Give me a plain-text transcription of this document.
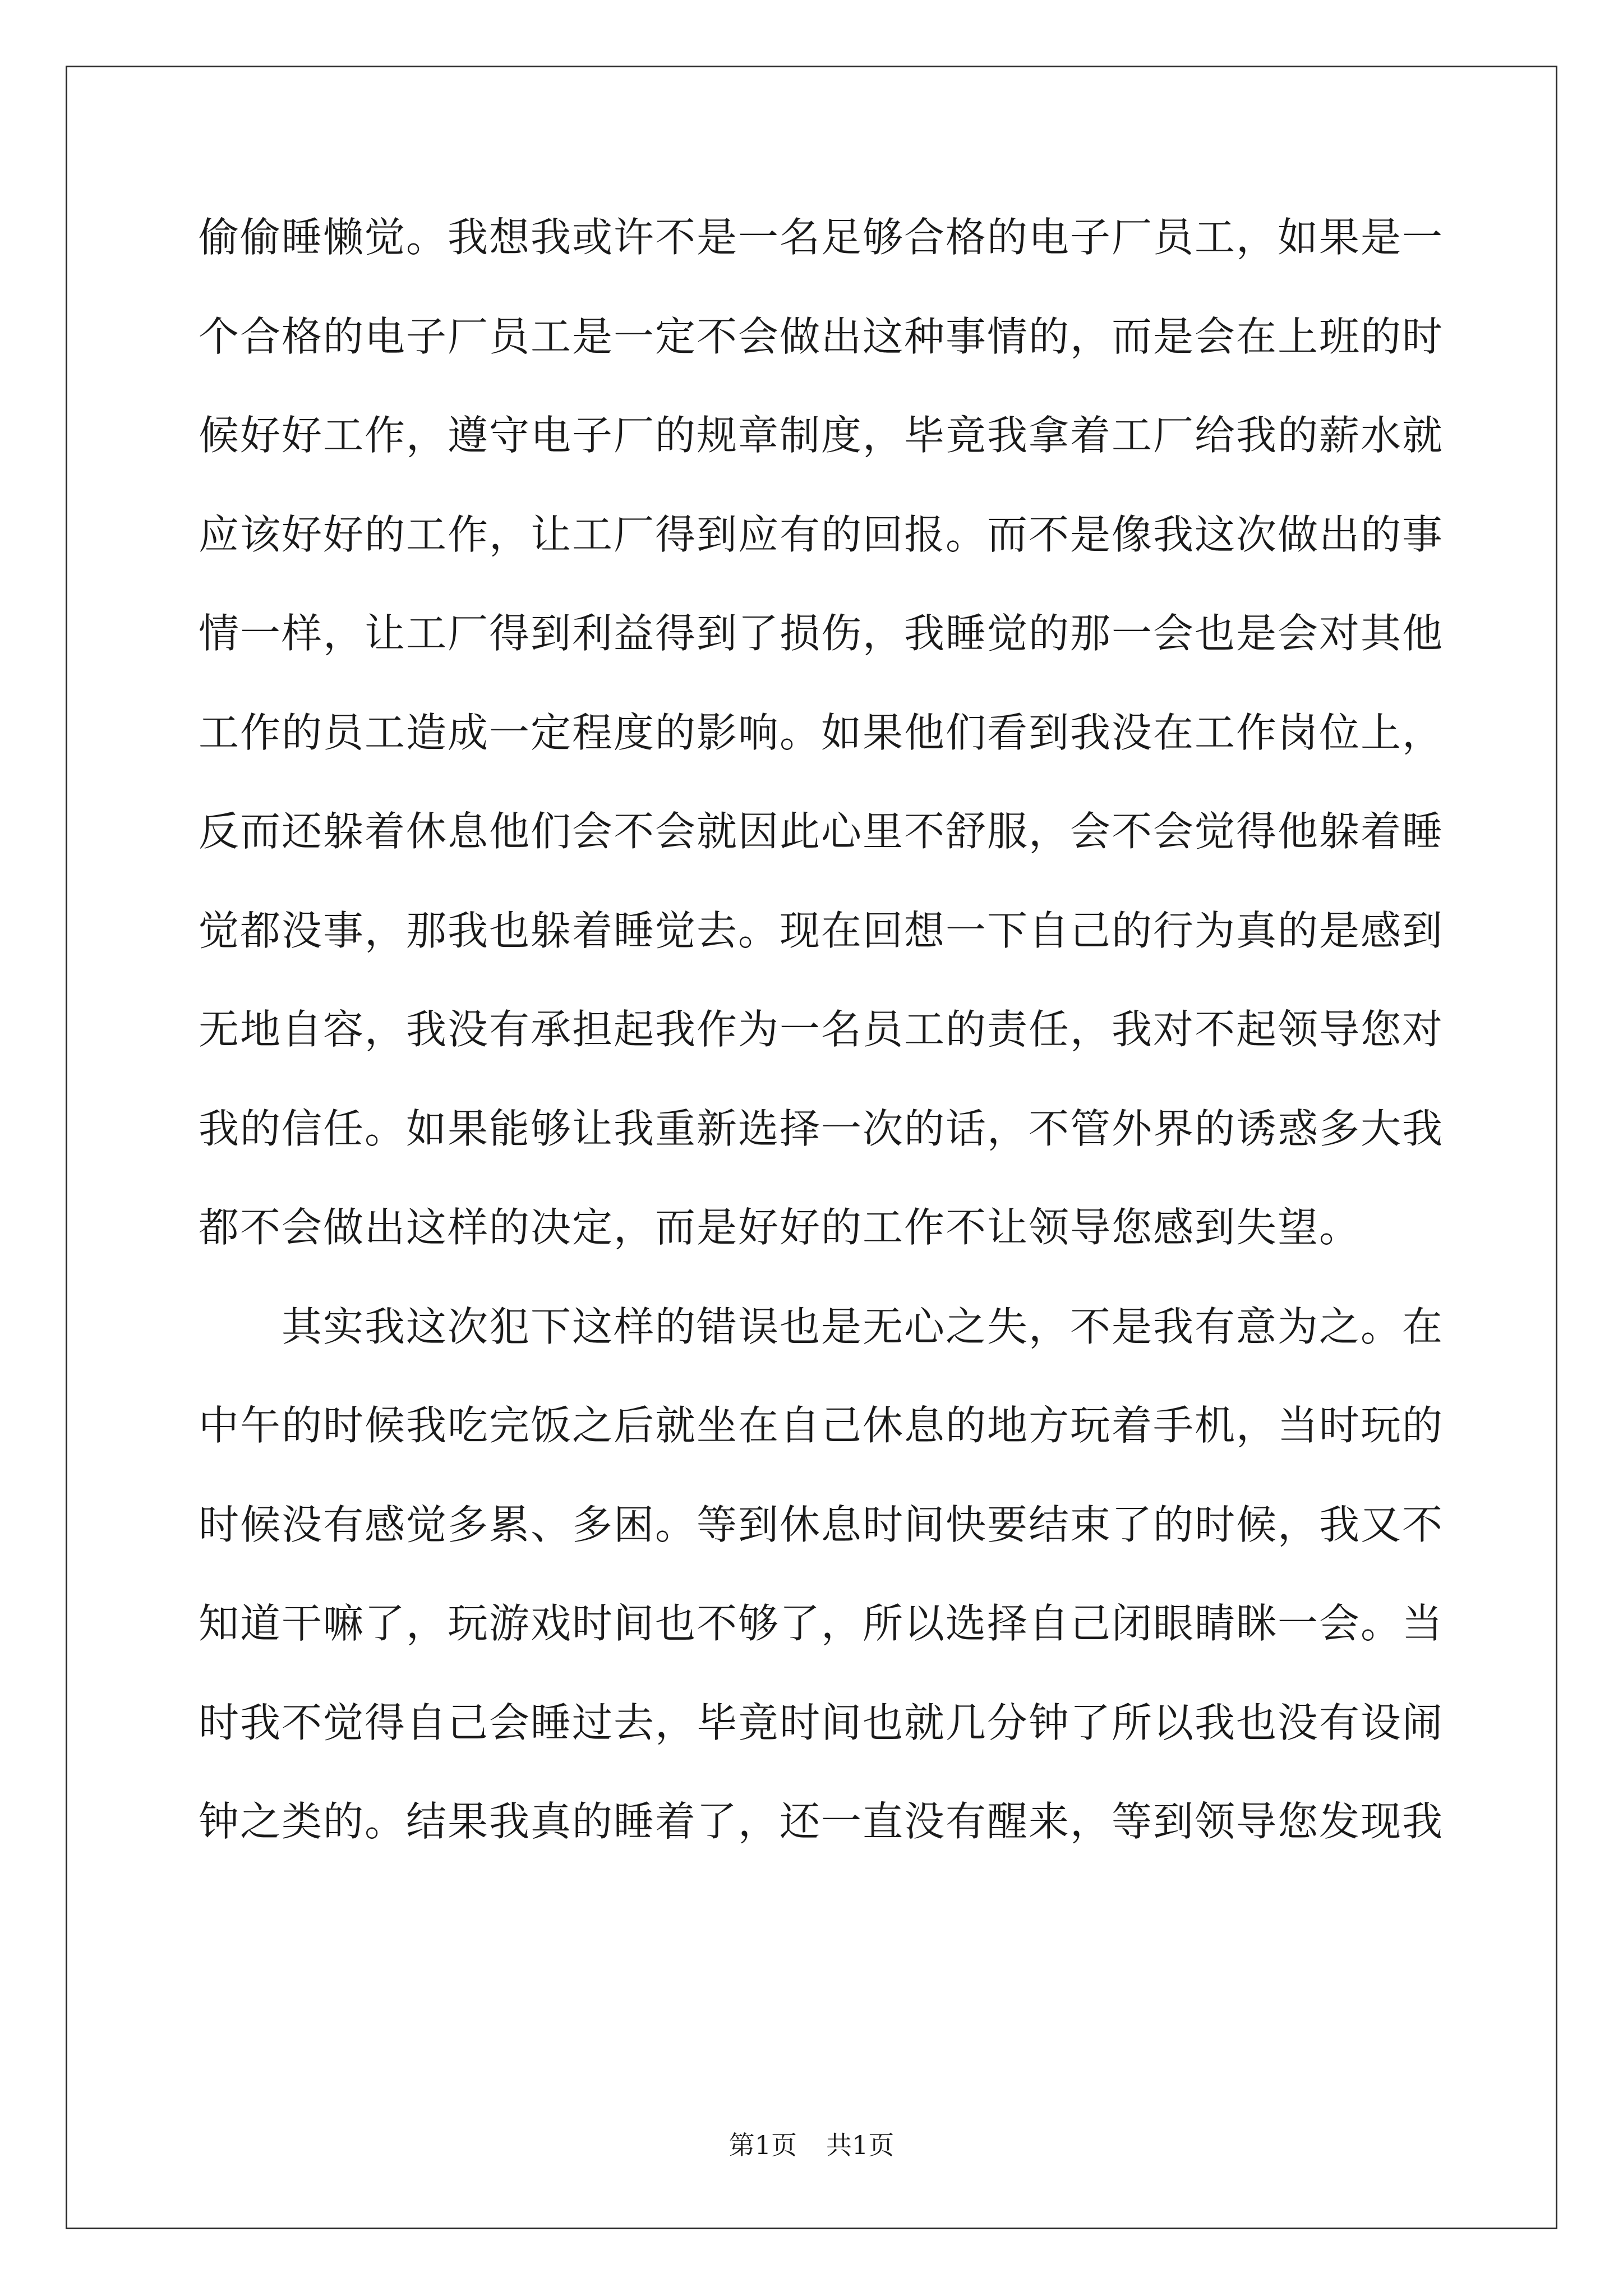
偷偷睡懒觉。我想我或许不是一名足够合格的电子厂员工，如果是一
个合格的电子厂员工是一定不会做出这种事情的，而是会在上班的时
候好好工作，遵守电子厂的规章制度，毕竟我拿着工厂给我的薪水就
应该好好的工作，让工厂得到应有的回报。而不是像我这次做出的事
情一样，让工厂得到利益得到了损伤，我睡觉的那一会也是会对其他
工作的员工造成一定程度的影响。如果他们看到我没在工作岗位上，
反而还躲着休息他们会不会就因此心里不舒服，会不会觉得他躲着睡
觉都没事，那我也躲着睡觉去。现在回想一下自己的行为真的是感到
无地自容，我没有承担起我作为一名员工的责任，我对不起领导您对
我的信任。如果能够让我重新选择一次的话，不管外界的诱惑多大我
都不会做出这样的决定，而是好好的工作不让领导您感到失望。
其实我这次犯下这样的错误也是无心之失，不是我有意为之。在
中午的时候我吃完饭之后就坐在自己休息的地方玩着手机，当时玩的
时候没有感觉多累、多困。等到休息时间快要结束了的时候，我又不
知道干嘛了，玩游戏时间也不够了，所以选择自己闭眼睛眯一会。当
时我不觉得自己会睡过去，毕竟时间也就几分钟了所以我也没有设闹
钟之类的。结果我真的睡着了，还一直没有醒来，等到领导您发现我
第1页 共1页
